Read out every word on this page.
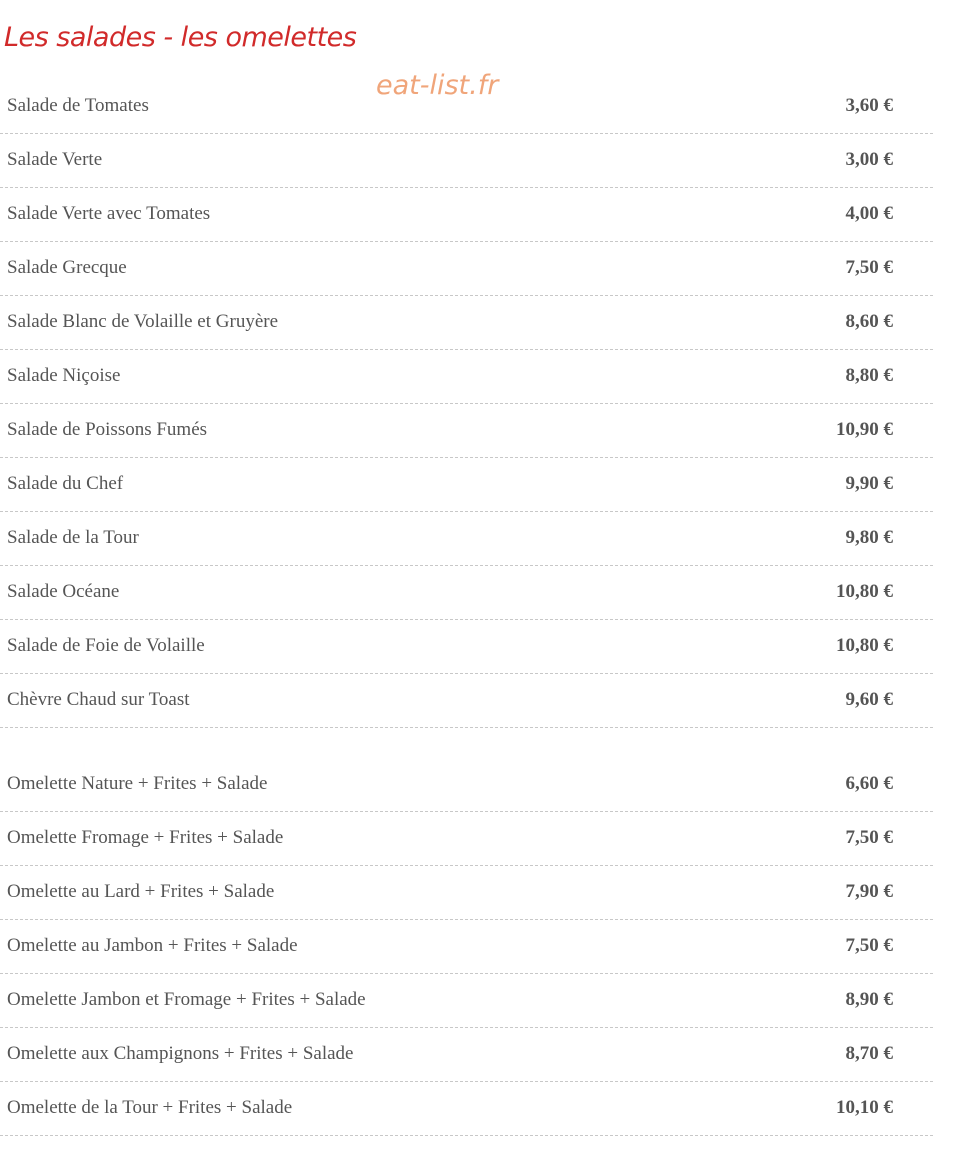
Les salades - les omelettes
eat-list.fr
Salade de Tomates	3,60 €
Salade Verte	3,00 €
Salade Verte avec Tomates	4,00 €
Salade Grecque	7,50 €
Salade Blanc de Volaille et Gruyère	8,60 €
Salade Niçoise	8,80 €
Salade de Poissons Fumés	10,90 €
Salade du Chef	9,90 €
Salade de la Tour	9,80 €
Salade Océane	10,80 €
Salade de Foie de Volaille	10,80 €
Chèvre Chaud sur Toast	9,60 €
Omelette Nature + Frites + Salade	6,60 €
Omelette Fromage + Frites + Salade	7,50 €
Omelette au Lard + Frites + Salade	7,90 €
Omelette au Jambon + Frites + Salade	7,50 €
Omelette Jambon et Fromage + Frites + Salade	8,90 €
Omelette aux Champignons + Frites + Salade	8,70 €
Omelette de la Tour + Frites + Salade	10,10 €
